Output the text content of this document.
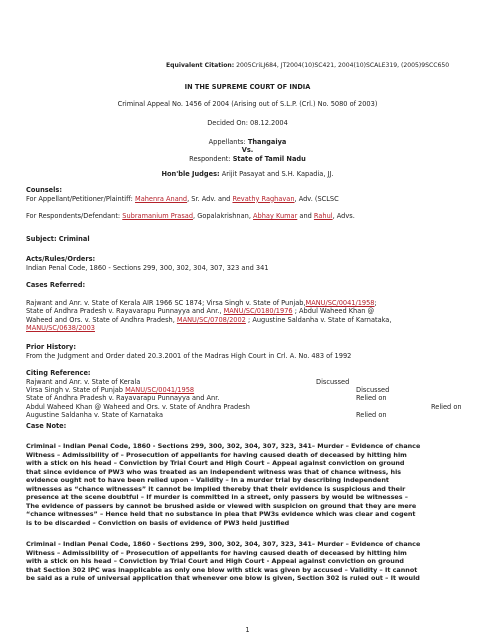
Equivalent Citation: 2005CriLJ684, JT2004(10)SC421, 2004(10)SCALE319, (2005)9SCC650
IN THE SUPREME COURT OF INDIA
Criminal Appeal No. 1456 of 2004 (Arising out of S.L.P. (Crl.) No. 5080 of 2003)
Decided On: 08.12.2004
Appellants: Thangaiya
Vs.
Respondent: State of Tamil Nadu
Hon'ble Judges: Arijit Pasayat and S.H. Kapadia, JJ.
Counsels:
For Appellant/Petitioner/Plaintiff: Mahenra Anand, Sr. Adv. and Revathy Raghavan, Adv. (SCLSC
For Respondents/Defendant: Subramanium Prasad, Gopalakrishnan, Abhay Kumar and Rahul, Advs.
Subject: Criminal
Acts/Rules/Orders:
Indian Penal Code, 1860 - Sections 299, 300, 302, 304, 307, 323 and 341
Cases Referred:
Rajwant and Anr. v. State of Kerala AIR 1966 SC 1874; Virsa Singh v. State of Punjab,MANU/SC/0041/1958;
State of Andhra Pradesh v. Rayavarapu Punnayya and Anr., MANU/SC/0180/1976 ; Abdul Waheed Khan @
Waheed and Ors. v. State of Andhra Pradesh, MANU/SC/0708/2002 ; Augustine Saldanha v. State of Karnataka,
MANU/SC/0638/2003
Prior History:
From the Judgment and Order dated 20.3.2001 of the Madras High Court in Crl. A. No. 483 of 1992
Citing Reference:
Rajwant and Anr. v. State of Kerala	Discussed
Virsa Singh v. State of Punjab MANU/SC/0041/1958	Discussed
State of Andhra Pradesh v. Rayavarapu Punnayya and Anr.	Relied on
Abdul Waheed Khan @ Waheed and Ors. v. State of Andhra Pradesh	Relied on
Augustine Saldanha v. State of Karnataka	Relied on
Case Note:
Criminal - Indian Penal Code, 1860 - Sections 299, 300, 302, 304, 307, 323, 341– Murder – Evidence of chance
Witness – Admissibility of – Prosecution of appellants for having caused death of deceased by hitting him
with a stick on his head – Conviction by Trial Court and High Court – Appeal against conviction on ground
that since evidence of PW3 who was treated as an independent witness was that of chance witness, his
evidence ought not to have been relied upon – Validity – In a murder trial by describing independent
witnesses as “chance witnesses” it cannot be implied thereby that their evidence is suspicious and their
presence at the scene doubtful – If murder is committed in a street, only passers by would be witnesses –
The evidence of passers by cannot be brushed aside or viewed with suspicion on ground that they are mere
“chance witnesses” – Hence held that no substance in plea that PW3s evidence which was clear and cogent
is to be discarded – Conviction on basis of evidence of PW3 held justified
Criminal - Indian Penal Code, 1860 - Sections 299, 300, 302, 304, 307, 323, 341– Murder – Evidence of chance
Witness – Admissibility of – Prosecution of appellants for having caused death of deceased by hitting him
with a stick on his head – Conviction by Trial Court and High Court - Appeal against conviction on ground
that Section 302 IPC was inapplicable as only one blow with stick was given by accused – Validity – It cannot
be said as a rule of universal application that whenever one blow is given, Section 302 is ruled out – It would
1
